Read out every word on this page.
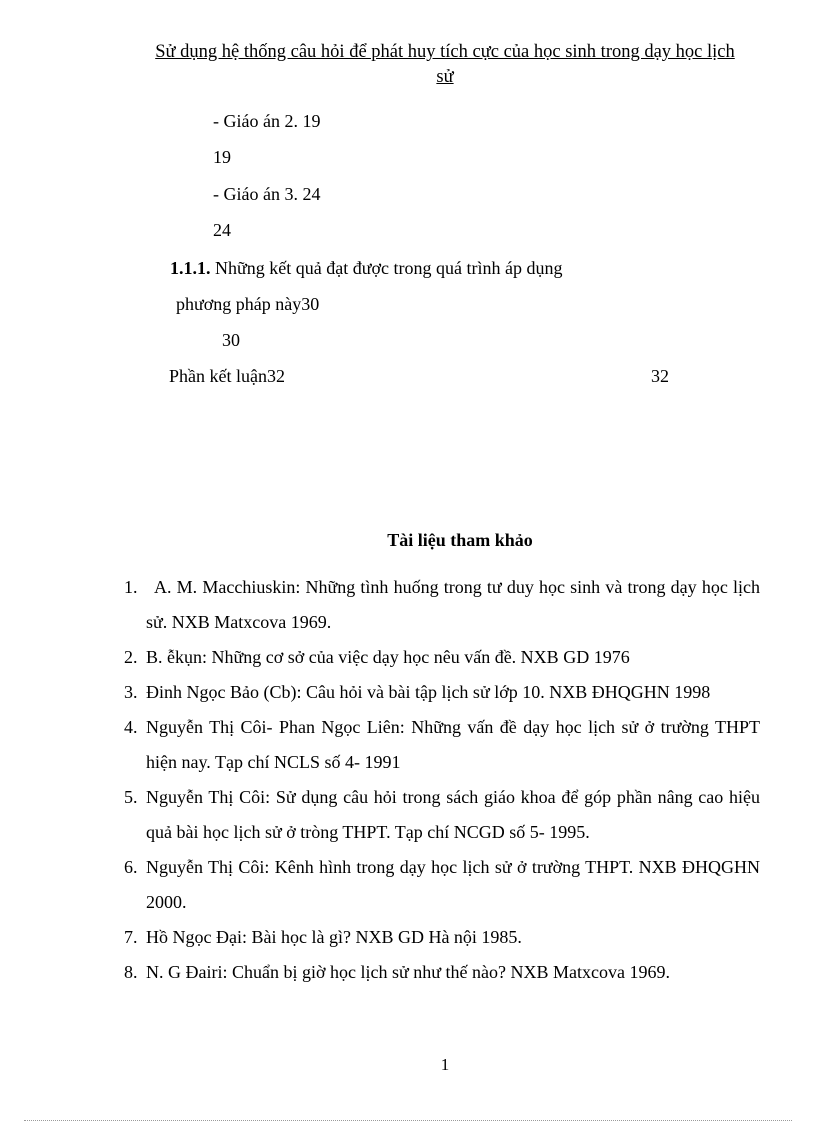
Sử dụng hệ thống câu hỏi để phát huy tích cực của học sinh trong dạy học lịch
sử
- Giáo án 2. 19
19
- Giáo án 3. 24
24
1.1.1. Những kết quả đạt được trong quá trình áp dụng
phương pháp này30
30
Phần kết luận32	32
Tài liệu tham khảo
1. A. M. Macchiuskin: Những tình huống trong tư duy học sinh và trong dạy học lịch sử. NXB Matxcova 1969.
2. B. ễkụn: Những cơ sở của việc dạy học nêu vấn đề. NXB GD 1976
3. Đinh Ngọc Bảo (Cb): Câu hỏi và bài tập lịch sử lớp 10. NXB ĐHQGHN 1998
4. Nguyễn Thị Côi- Phan Ngọc Liên: Những vấn đề dạy học lịch sử ở trường THPT hiện nay. Tạp chí NCLS số 4- 1991
5. Nguyễn Thị Côi: Sử dụng câu hỏi trong sách giáo khoa để góp phần nâng cao hiệu quả bài học lịch sử ở tròng THPT. Tạp chí NCGD số 5- 1995.
6. Nguyễn Thị Côi: Kênh hình trong dạy học lịch sử ở trường THPT. NXB ĐHQGHN 2000.
7. Hồ Ngọc Đại: Bài học là gì? NXB GD Hà nội 1985.
8. N. G Đairi: Chuẩn bị giờ học lịch sử như thế nào? NXB Matxcova 1969.
1
